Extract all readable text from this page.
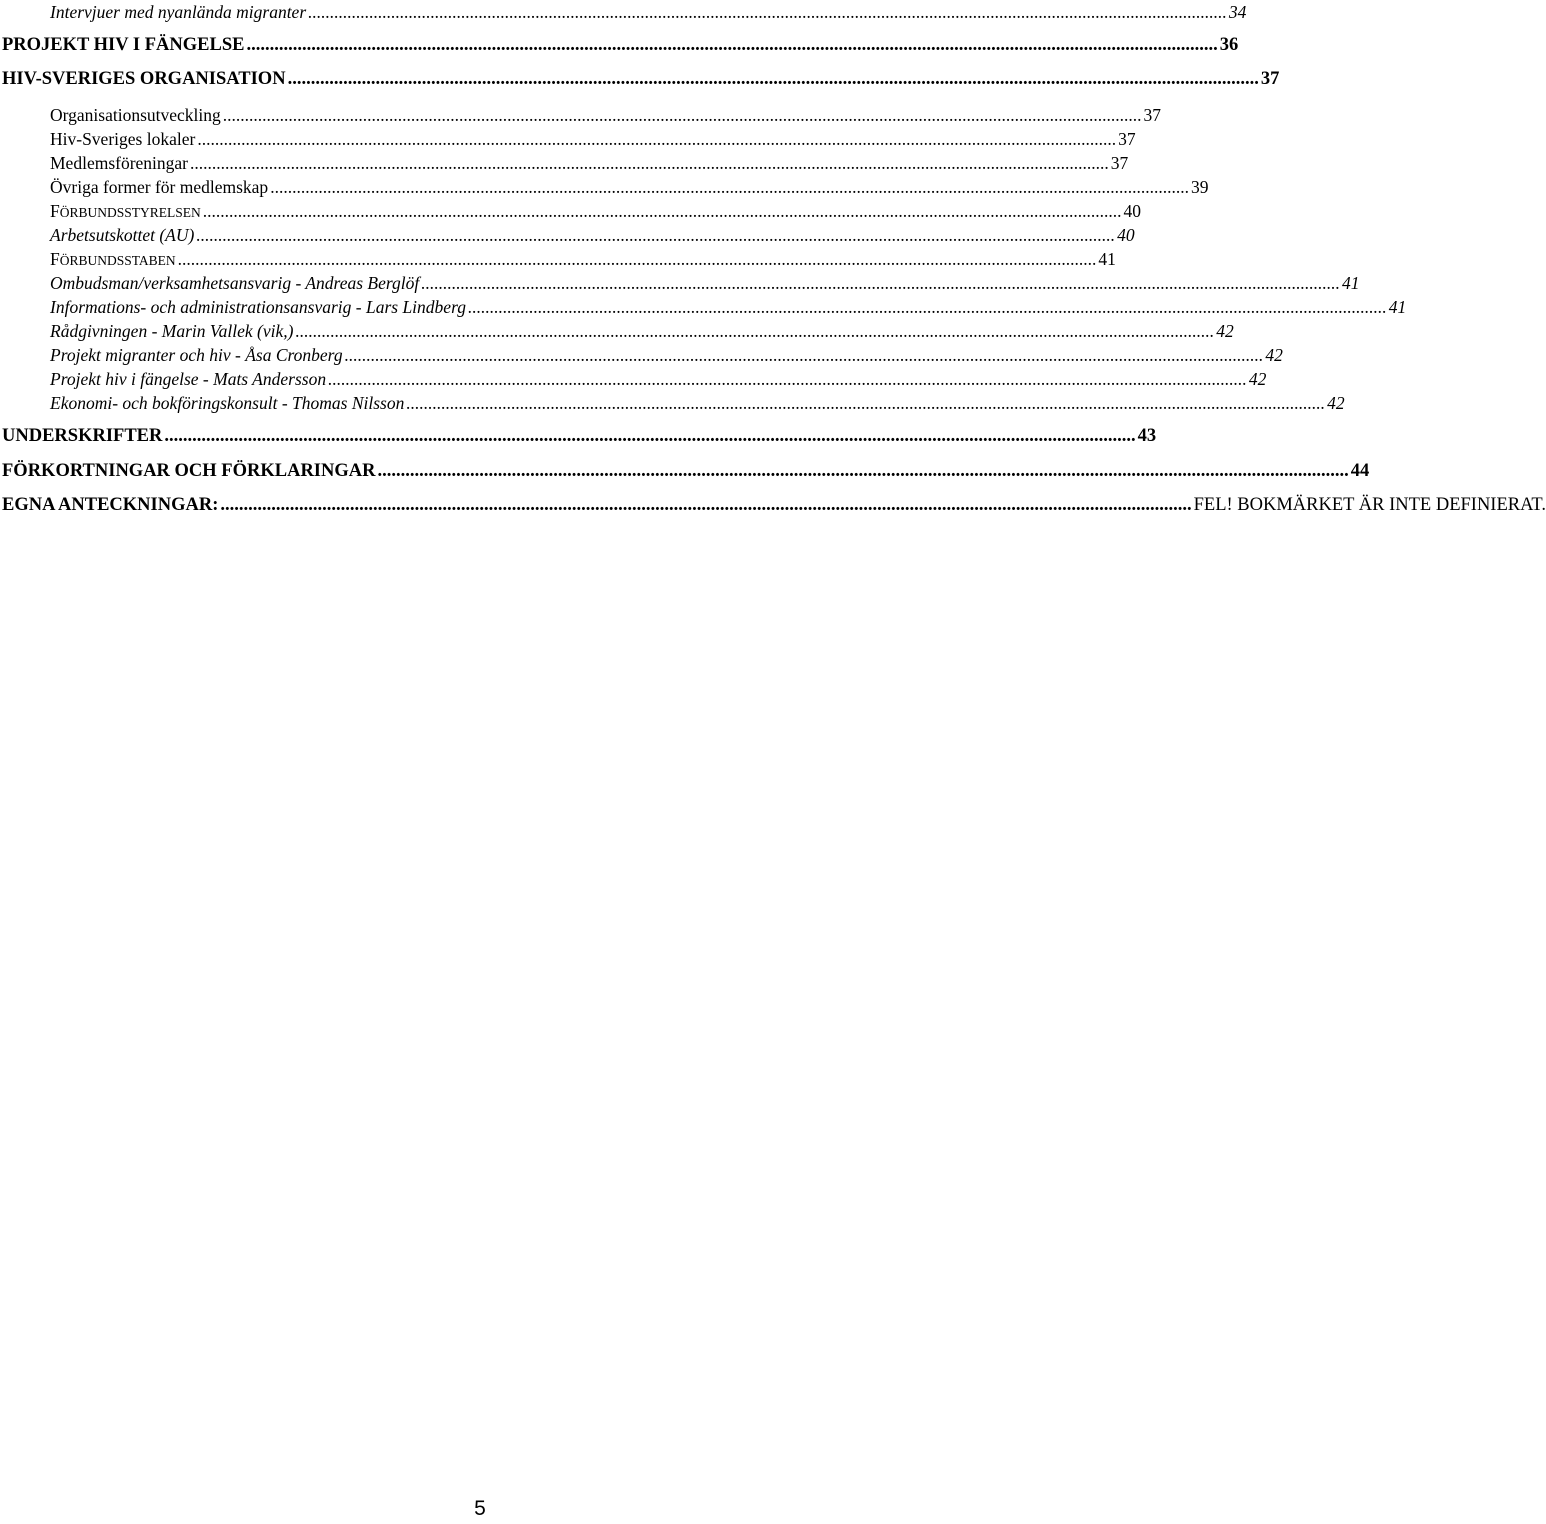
Intervjuer med nyanlända migranter .................................................................................................................................................................................................................. 34
PROJEKT HIV I FÄNGELSE .................................................................................................................................................................................................................. 36
HIV-SVERIGES ORGANISATION .................................................................................................................................................................................................................. 37
Organisationsutveckling .................................................................................................................................................................................................................. 37
Hiv-Sveriges lokaler .................................................................................................................................................................................................................. 37
Medlemsföreningar .................................................................................................................................................................................................................. 37
Övriga former för medlemskap .................................................................................................................................................................................................................. 39
FÖRBUNDSSTYRELSEN .................................................................................................................................................................................................................. 40
Arbetsutskottet (AU) .................................................................................................................................................................................................................. 40
FÖRBUNDSSTABEN .................................................................................................................................................................................................................. 41
Ombudsman/verksamhetsansvarig - Andreas Berglöf .................................................................................................................................................................................................................. 41
Informations- och administrationsansvarig - Lars Lindberg .................................................................................................................................................................................................................. 41
Rådgivningen - Marin Vallek (vik,) .................................................................................................................................................................................................................. 42
Projekt migranter och hiv - Åsa Cronberg .................................................................................................................................................................................................................. 42
Projekt hiv i fängelse - Mats Andersson .................................................................................................................................................................................................................. 42
Ekonomi- och bokföringskonsult - Thomas Nilsson .................................................................................................................................................................................................................. 42
UNDERSKRIFTER .................................................................................................................................................................................................................. 43
FÖRKORTNINGAR OCH FÖRKLARINGAR .................................................................................................................................................................................................................. 44
EGNA ANTECKNINGAR: .................................................................................................................................................................................................................. FEL! BOKMÄRKET ÄR INTE DEFINIERAT.
5
